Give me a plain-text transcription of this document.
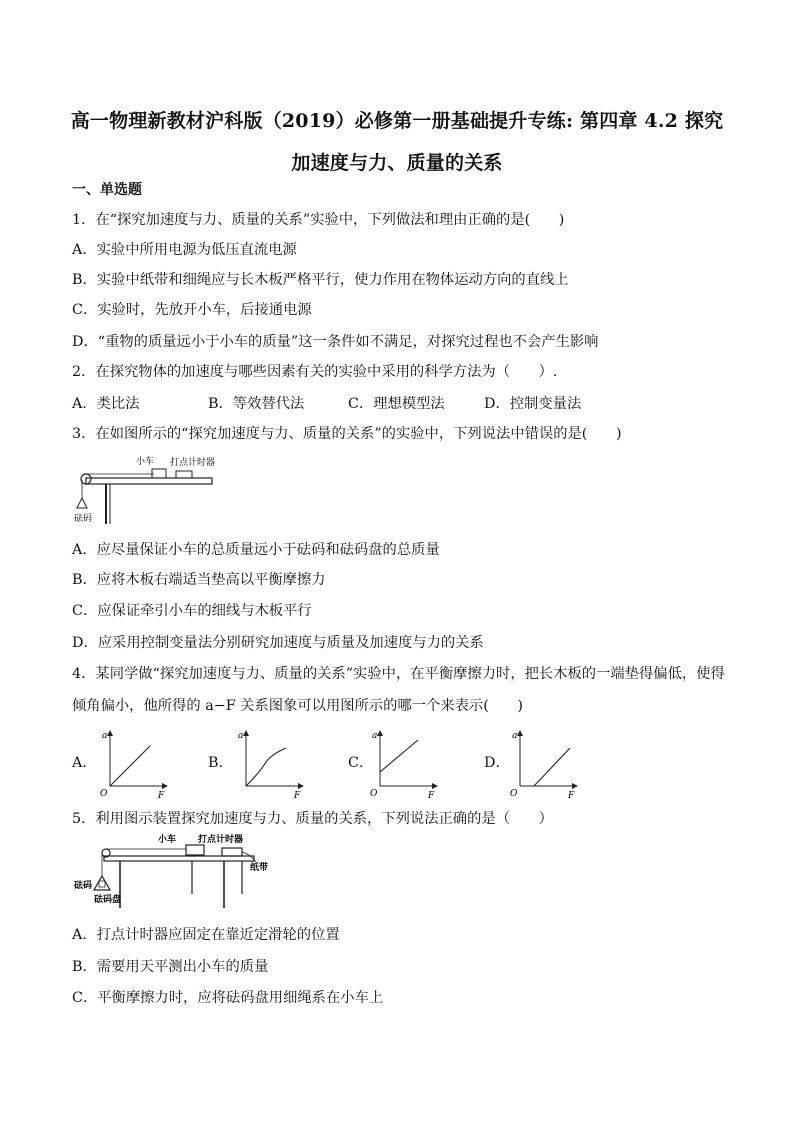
高一物理新教材沪科版（2019）必修第一册基础提升专练: 第四章 4.2 探究
加速度与力、质量的关系
一、单选题
1．在“探究加速度与力、质量的关系”实验中，下列做法和理由正确的是(　　)
A．实验中所用电源为低压直流电源
B．实验中纸带和细绳应与长木板严格平行，使力作用在物体运动方向的直线上
C．实验时，先放开小车，后接通电源
D．“重物的质量远小于小车的质量”这一条件如不满足，对探究过程也不会产生影响
2．在探究物体的加速度与哪些因素有关的实验中采用的科学方法为（　　）.
A．类比法	B．等效替代法	C．理想模型法	D．控制变量法
3．在如图所示的“探究加速度与力、质量的关系”的实验中，下列说法中错误的是(　　)
小车 打点计时器
砝码
A．应尽量保证小车的总质量远小于砝码和砝码盘的总质量
B．应将木板右端适当垫高以平衡摩擦力
C．应保证牵引小车的细线与木板平行
D．应采用控制变量法分别研究加速度与质量及加速度与力的关系
4．某同学做“探究加速度与力、质量的关系”实验中，在平衡摩擦力时，把长木板的一端垫得偏低，使得
倾角偏小，他所得的 a−F 关系图象可以用图所示的哪一个来表示(　　)
A．
a
F
O
B．
a
F
C．
a
F
O
D．
a
F
O
5．利用图示装置探究加速度与力、质量的关系，下列说法正确的是（　　）
小车 打点计时器
纸带
砝码
砝码盘
A．打点计时器应固定在靠近定滑轮的位置
B．需要用天平测出小车的质量
C．平衡摩擦力时，应将砝码盘用细绳系在小车上
